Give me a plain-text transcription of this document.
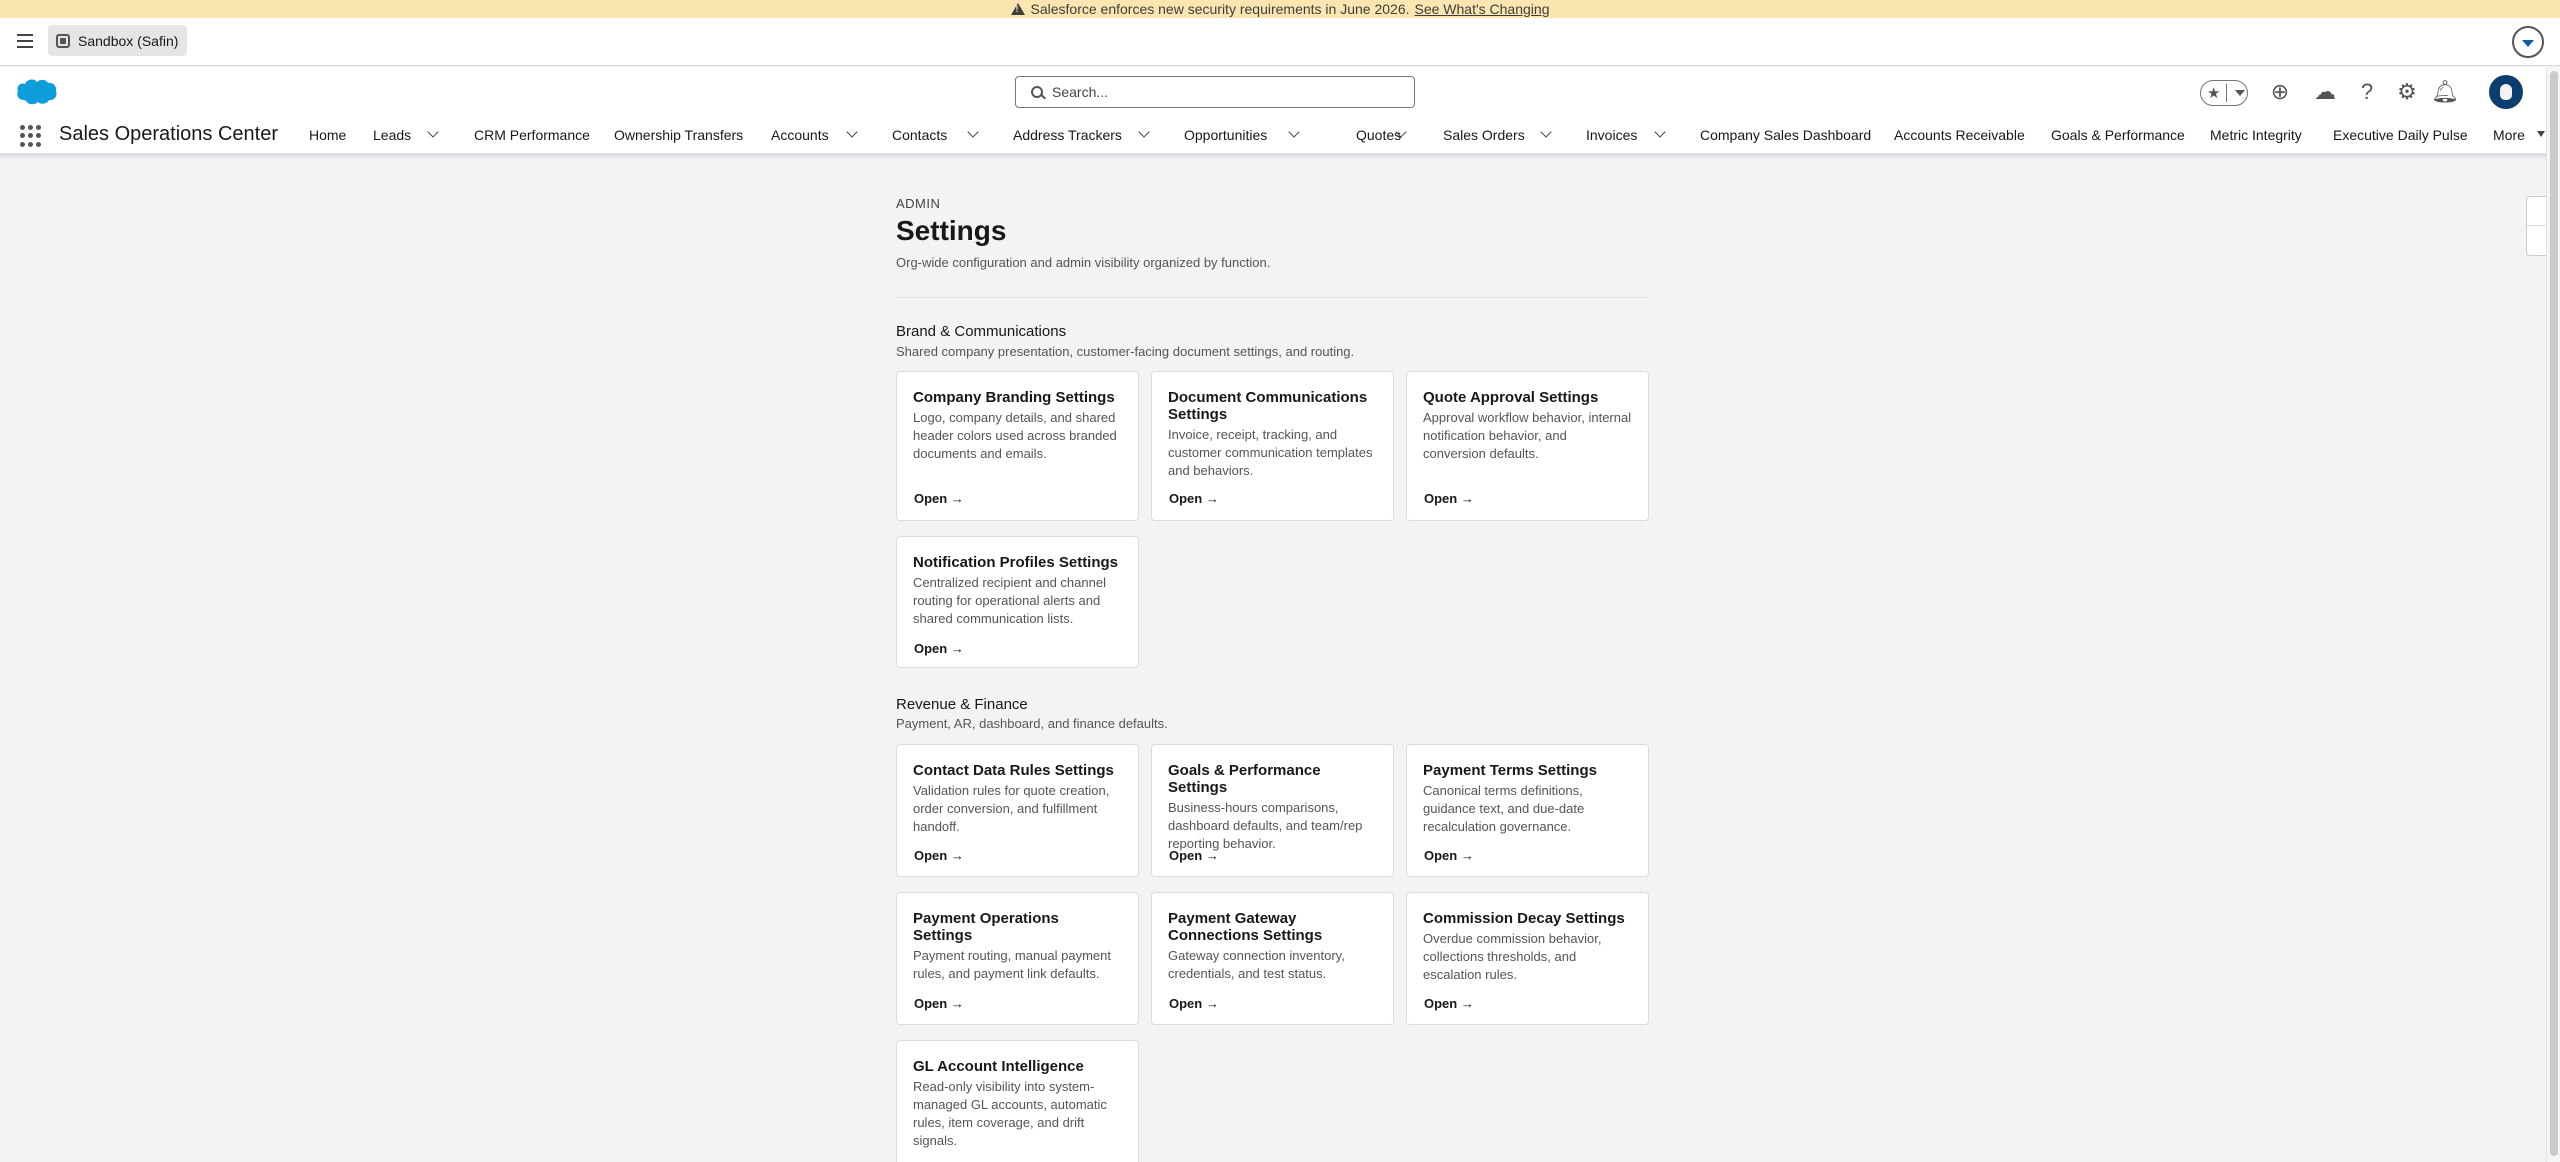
!
Salesforce enforces new security requirements in June 2026. See What's Changing
Sandbox (Safin)
Search...
★ ⊕ ☁ ? ⚙ 🔔︎
Sales Operations Center Home Leads	CRM Performance Ownership Transfers Accounts	Contacts	Address Trackers	Opportunities	Quotes	Sales Orders	Invoices	Company Sales Dashboard Accounts Receivable Goals & Performance Metric Integrity Executive Daily Pulse More
ADMIN
Settings
Org-wide configuration and admin visibility organized by function.
Brand & Communications
Shared company presentation, customer-facing document settings, and routing.
Company Branding Settings
Logo, company details, and shared header colors used across branded documents and emails.
Open →
Document Communications Settings
Invoice, receipt, tracking, and customer communication templates and behaviors.
Open →
Quote Approval Settings
Approval workflow behavior, internal notification behavior, and conversion defaults.
Open →
Notification Profiles Settings
Centralized recipient and channel routing for operational alerts and shared communication lists.
Open →
Revenue & Finance
Payment, AR, dashboard, and finance defaults.
Contact Data Rules Settings
Validation rules for quote creation, order conversion, and fulfillment handoff.
Open →
Goals & Performance Settings
Business-hours comparisons, dashboard defaults, and team/rep reporting behavior.
Open →
Payment Terms Settings
Canonical terms definitions, guidance text, and due-date recalculation governance.
Open →
Payment Operations Settings
Payment routing, manual payment rules, and payment link defaults.
Open →
Payment Gateway Connections Settings
Gateway connection inventory, credentials, and test status.
Open →
Commission Decay Settings
Overdue commission behavior, collections thresholds, and escalation rules.
Open →
GL Account Intelligence
Read-only visibility into system-managed GL accounts, automatic rules, item coverage, and drift signals.
